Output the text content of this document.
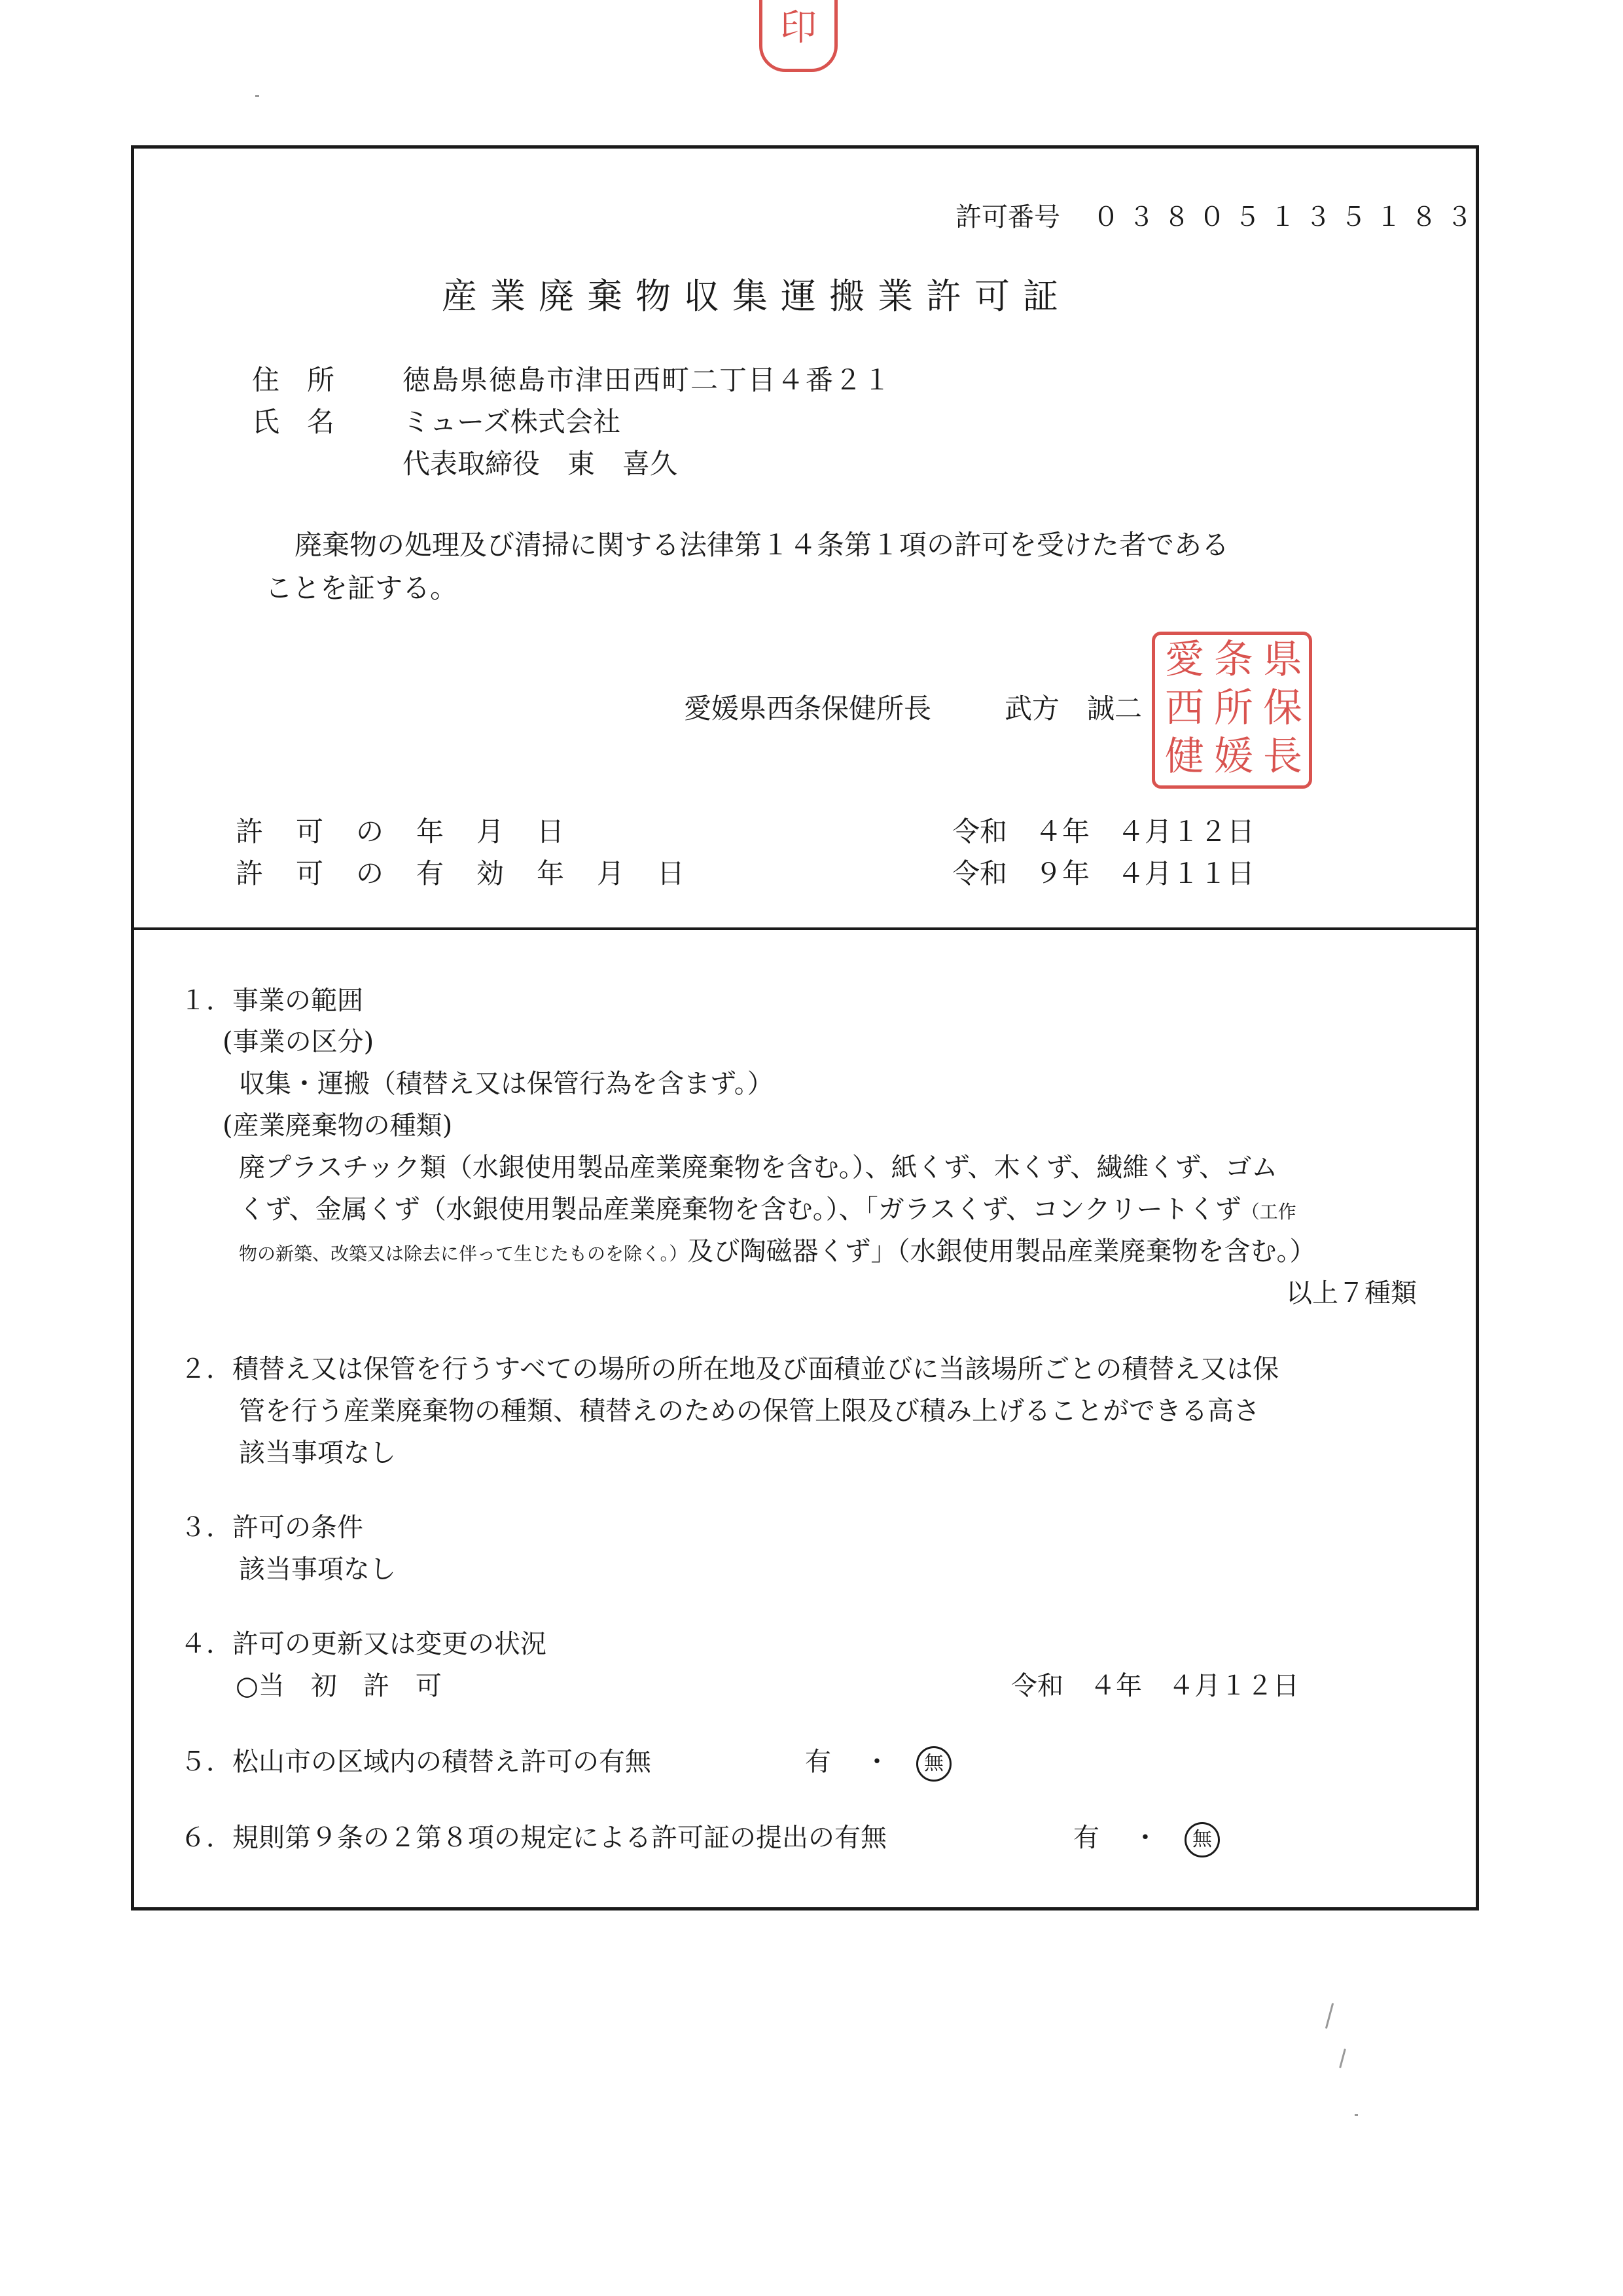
印
許可番号 ０３８０５１３５１８３
産業廃棄物収集運搬業許可証
住　所 徳島県徳島市津田西町二丁目４番２１
氏　名 ミューズ株式会社
代表取締役　東　喜久
廃棄物の処理及び清掃に関する法律第１４条第１項の許可を受けた者である
ことを証する。
愛媛県西条保健所長	武方　誠二
県
保
長
西
条
所
愛
媛
健
許　可　の　年　月　日	令和　４年　４月１２日
許　可　の　有　効　年　月　日	令和　９年　４月１１日
１．事業の範囲
(事業の区分)
収集・運搬（積替え又は保管行為を含まず。）
(産業廃棄物の種類)
廃プラスチック類（水銀使用製品産業廃棄物を含む。）、紙くず、木くず、繊維くず、ゴム
くず、金属くず（水銀使用製品産業廃棄物を含む。）、「ガラスくず、コンクリートくず（工作
物の新築、改築又は除去に伴って生じたものを除く。）及び陶磁器くず」（水銀使用製品産業廃棄物を含む。）
以上７種類
２．積替え又は保管を行うすべての場所の所在地及び面積並びに当該場所ごとの積替え又は保
管を行う産業廃棄物の種類、積替えのための保管上限及び積み上げることができる高さ
該当事項なし
３．許可の条件
該当事項なし
４．許可の更新又は変更の状況
○当　初　許　可	令和　４年　４月１２日
５．松山市の区域内の積替え許可の有無	有 ・ 無
６．規則第９条の２第８項の規定による許可証の提出の有無	有 ・ 無
